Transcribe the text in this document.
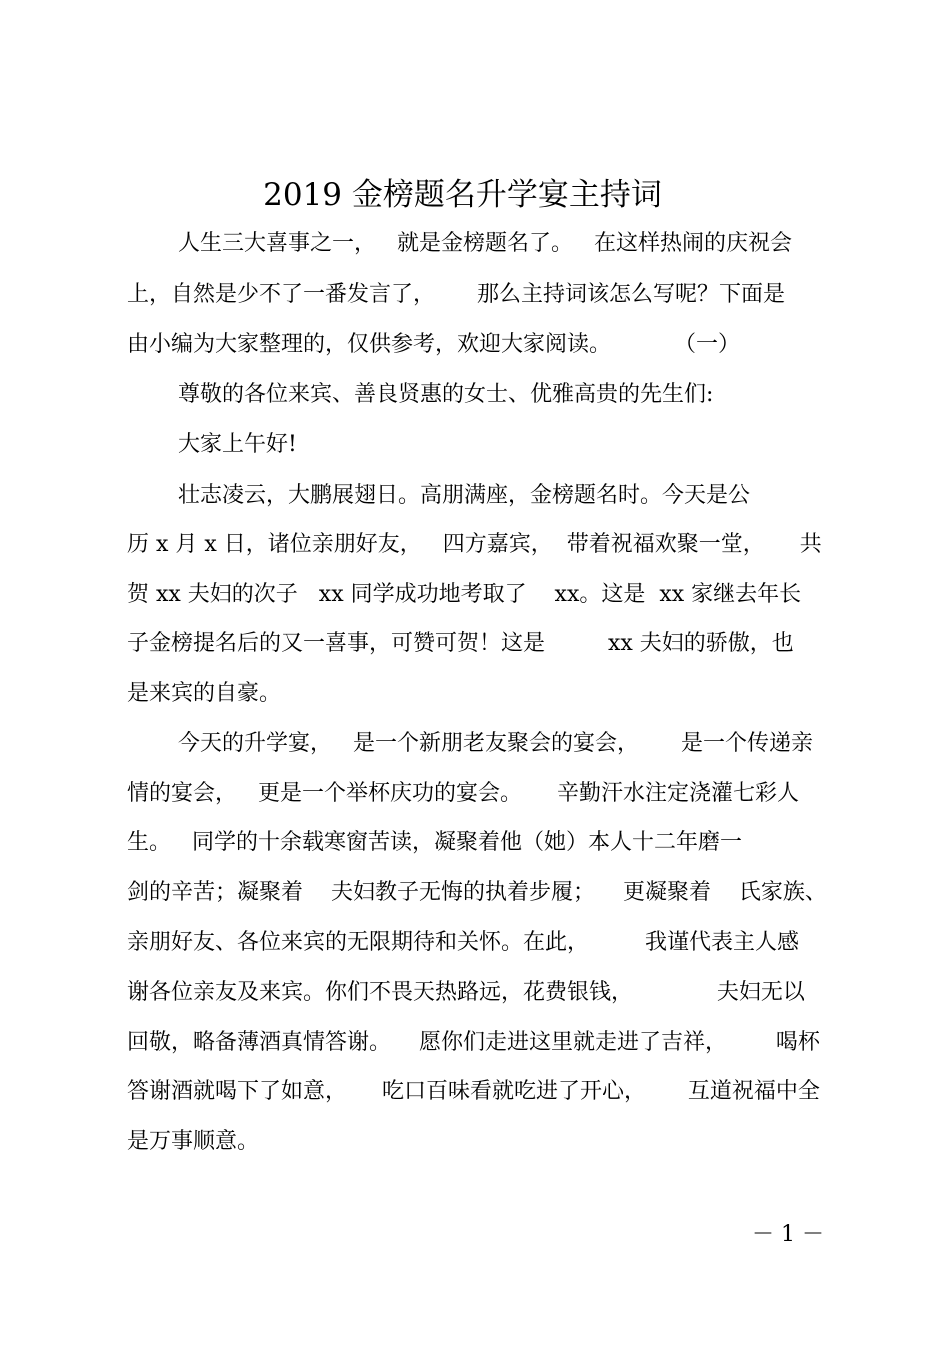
2019 金榜题名升学宴主持词

人生三大喜事之一，   就是金榜题名了。   在这样热闹的庆祝会

上，自然是少不了一番发言了，      那么主持词该怎么写呢？下面是

由小编为大家整理的，仅供参考，欢迎大家阅读。         （一）

尊敬的各位来宾、善良贤惠的女士、优雅高贵的先生们:

大家上午好!

壮志凌云，大鹏展翅日。高朋满座，金榜题名时。今天是公

历 x 月 x 日，诸位亲朋好友，   四方嘉宾，  带着祝福欢聚一堂，     共

贺 xx 夫妇的次子   xx 同学成功地考取了    xx。这是  xx 家继去年长

子金榜提名后的又一喜事，可赞可贺！这是         xx 夫妇的骄傲，也

是来宾的自豪。

今天的升学宴，   是一个新朋老友聚会的宴会，      是一个传递亲

情的宴会，   更是一个举杯庆功的宴会。     辛勤汗水注定浇灌七彩人

生。   同学的十余载寒窗苦读，凝聚着他（她）本人十二年磨一

剑的辛苦；凝聚着    夫妇教子无悔的执着步履；    更凝聚着    氏家族、

亲朋好友、各位来宾的无限期待和关怀。在此，        我谨代表主人感

谢各位亲友及来宾。你们不畏天热路远，花费银钱，            夫妇无以

回敬，略备薄酒真情答谢。    愿你们走进这里就走进了吉祥，       喝杯

答谢酒就喝下了如意，     吃口百味看就吃进了开心，      互道祝福中全

是万事顺意。

－ 1 －
